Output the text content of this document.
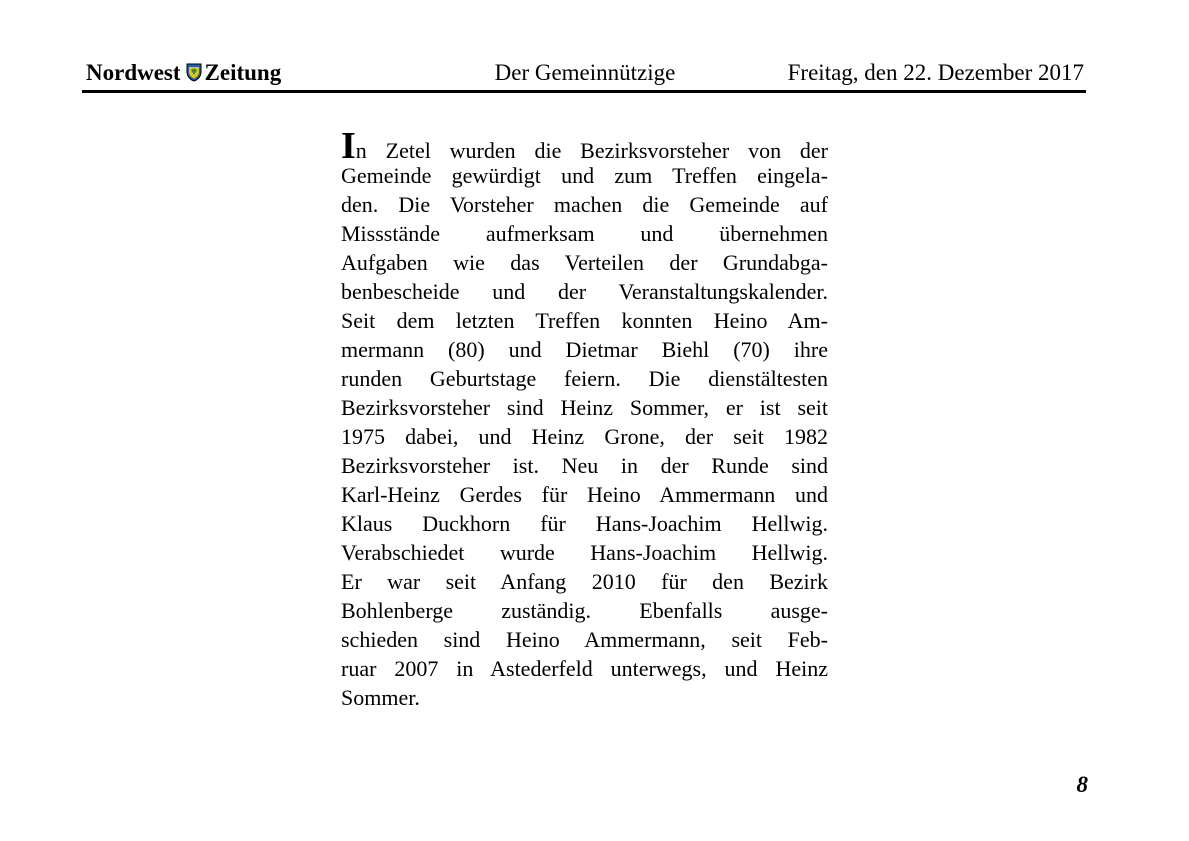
Nordwest Zeitung	Der Gemeinnützige	Freitag, den 22. Dezember 2017
In Zetel wurden die Bezirksvorsteher von der
Gemeinde gewürdigt und zum Treffen eingela-
den. Die Vorsteher machen die Gemeinde auf
Missstände aufmerksam und übernehmen
Aufgaben wie das Verteilen der Grundabga-
benbescheide und der Veranstaltungskalender.
Seit dem letzten Treffen konnten Heino Am-
mermann (80) und Dietmar Biehl (70) ihre
runden Geburtstage feiern. Die dienstältesten
Bezirksvorsteher sind Heinz Sommer, er ist seit
1975 dabei, und Heinz Grone, der seit 1982
Bezirksvorsteher ist. Neu in der Runde sind
Karl-Heinz Gerdes für Heino Ammermann und
Klaus Duckhorn für Hans-Joachim Hellwig.
Verabschiedet wurde Hans-Joachim Hellwig.
Er war seit Anfang 2010 für den Bezirk
Bohlenberge zuständig. Ebenfalls ausge-
schieden sind Heino Ammermann, seit Feb-
ruar 2007 in Astederfeld unterwegs, und Heinz
Sommer.
8
